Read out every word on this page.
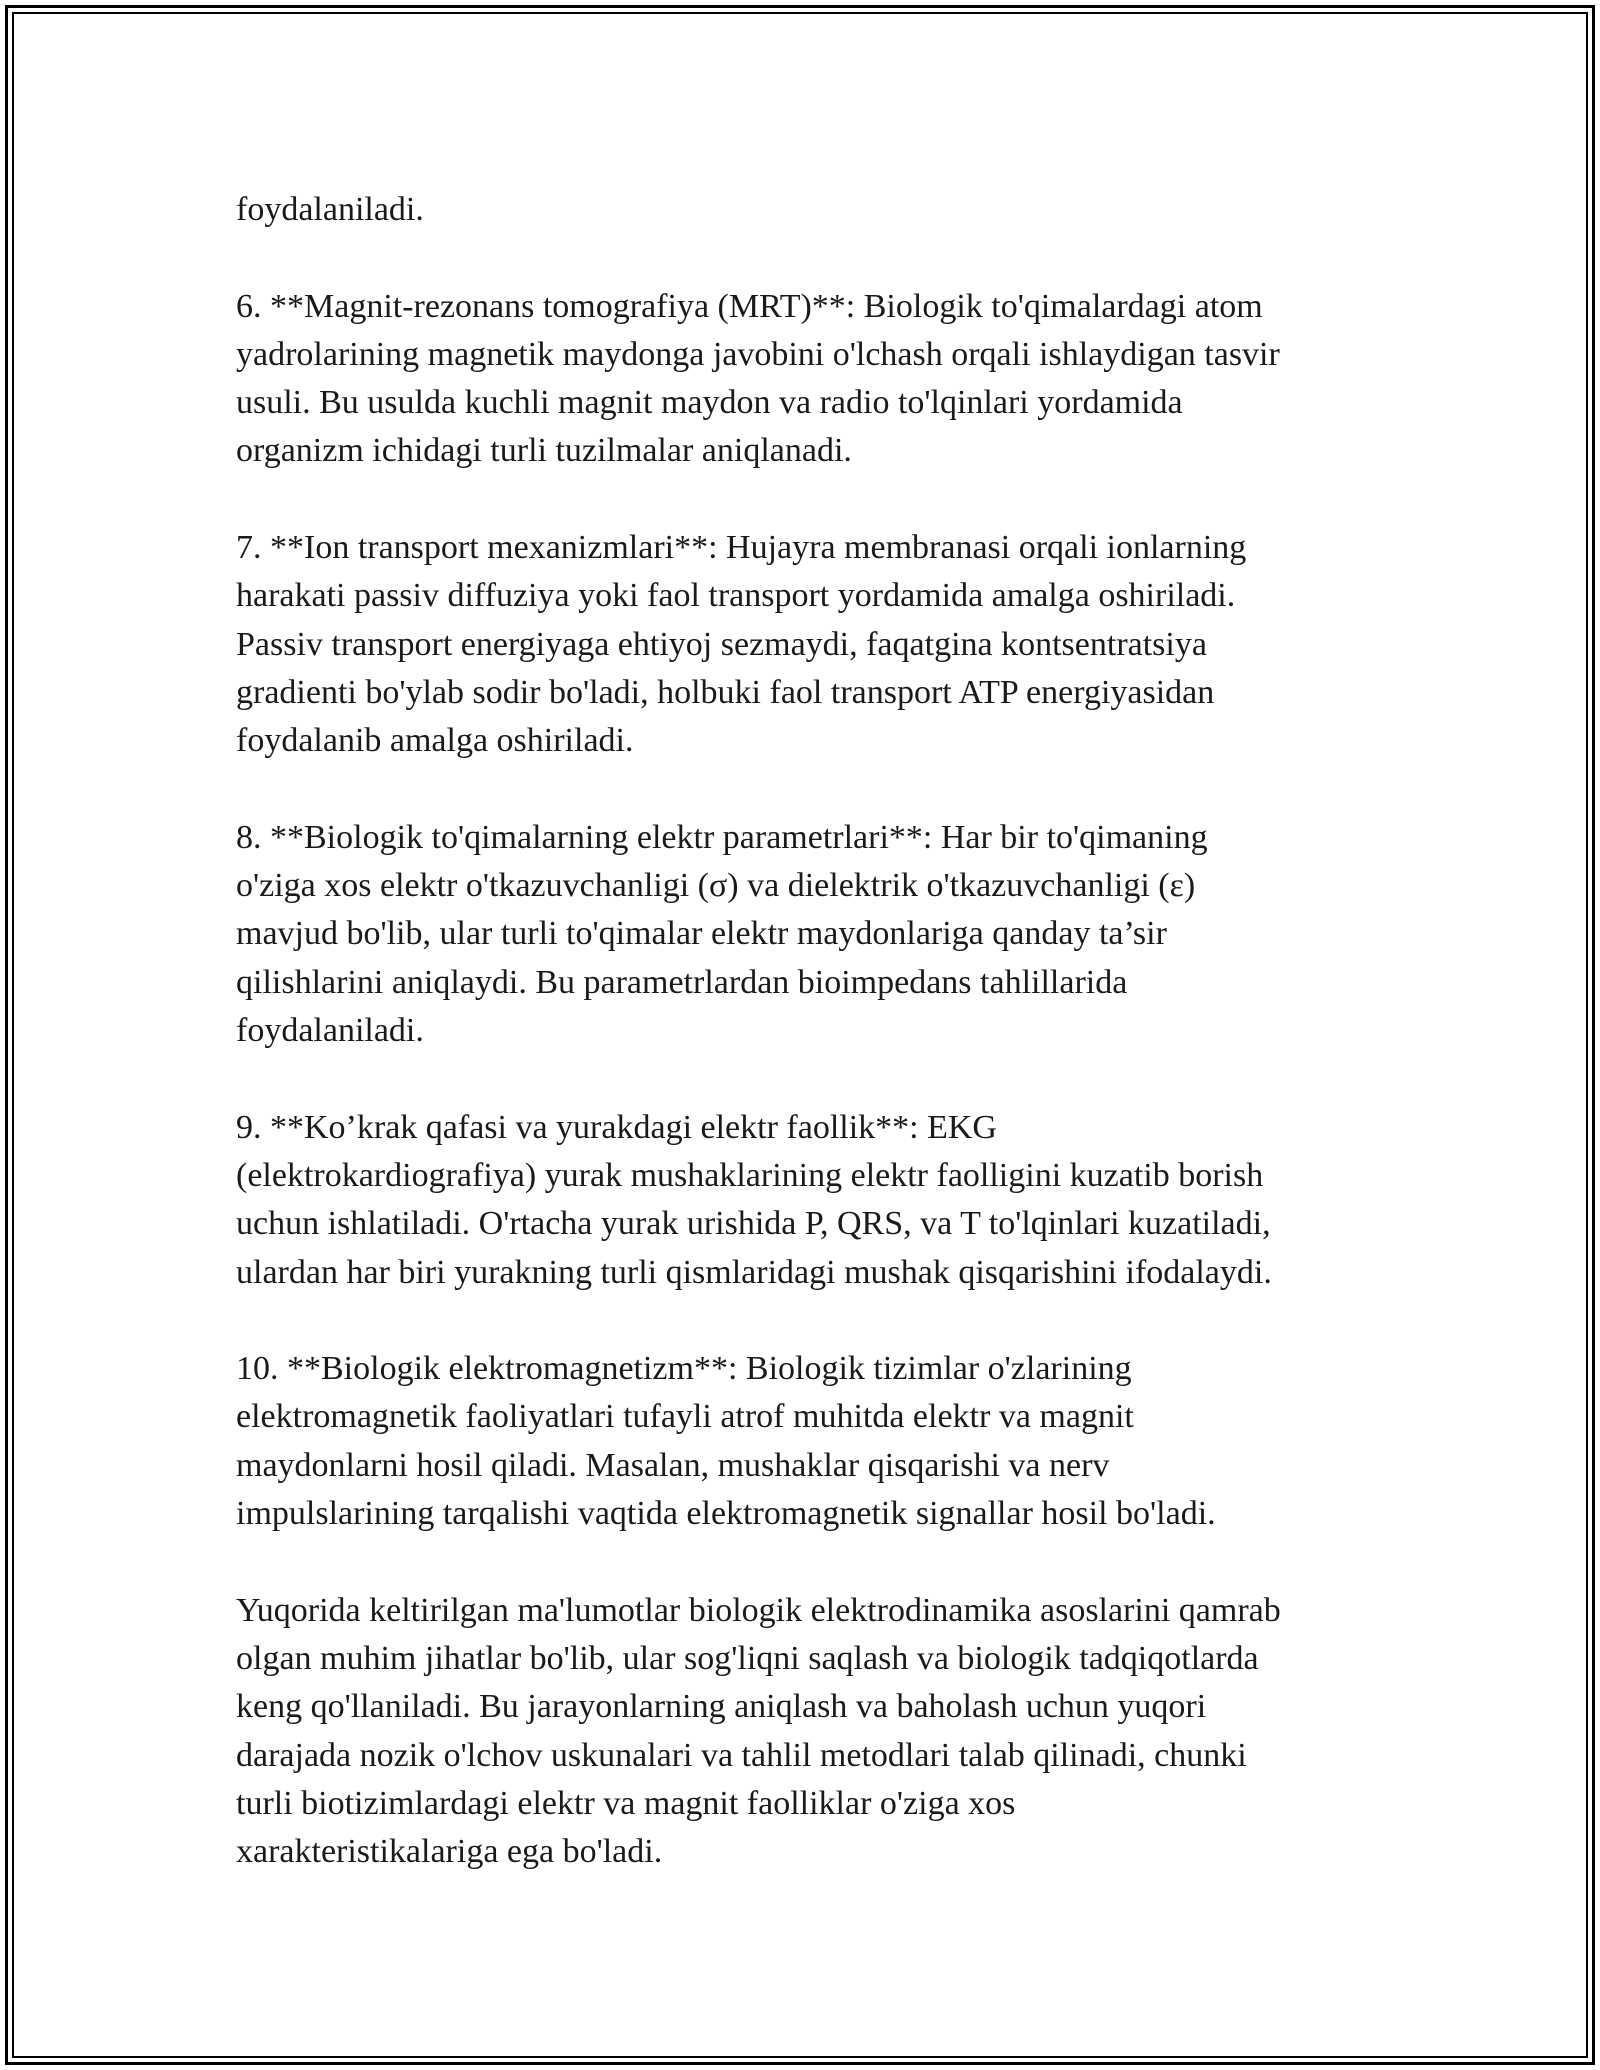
foydalaniladi.

6. **Magnit-rezonans tomografiya (MRT)**: Biologik to'qimalardagi atom
yadrolarining magnetik maydonga javobini o'lchash orqali ishlaydigan tasvir
usuli. Bu usulda kuchli magnit maydon va radio to'lqinlari yordamida
organizm ichidagi turli tuzilmalar aniqlanadi.

7. **Ion transport mexanizmlari**: Hujayra membranasi orqali ionlarning
harakati passiv diffuziya yoki faol transport yordamida amalga oshiriladi.
Passiv transport energiyaga ehtiyoj sezmaydi, faqatgina kontsentratsiya
gradienti bo'ylab sodir bo'ladi, holbuki faol transport ATP energiyasidan
foydalanib amalga oshiriladi.

8. **Biologik to'qimalarning elektr parametrlari**: Har bir to'qimaning
o'ziga xos elektr o'tkazuvchanligi (σ) va dielektrik o'tkazuvchanligi (ε)
mavjud bo'lib, ular turli to'qimalar elektr maydonlariga qanday ta’sir
qilishlarini aniqlaydi. Bu parametrlardan bioimpedans tahlillarida
foydalaniladi.

9. **Ko’krak qafasi va yurakdagi elektr faollik**: EKG
(elektrokardiografiya) yurak mushaklarining elektr faolligini kuzatib borish
uchun ishlatiladi. O'rtacha yurak urishida P, QRS, va T to'lqinlari kuzatiladi,
ulardan har biri yurakning turli qismlaridagi mushak qisqarishini ifodalaydi.

10. **Biologik elektromagnetizm**: Biologik tizimlar o'zlarining
elektromagnetik faoliyatlari tufayli atrof muhitda elektr va magnit
maydonlarni hosil qiladi. Masalan, mushaklar qisqarishi va nerv
impulslarining tarqalishi vaqtida elektromagnetik signallar hosil bo'ladi.

Yuqorida keltirilgan ma'lumotlar biologik elektrodinamika asoslarini qamrab
olgan muhim jihatlar bo'lib, ular sog'liqni saqlash va biologik tadqiqotlarda
keng qo'llaniladi. Bu jarayonlarning aniqlash va baholash uchun yuqori
darajada nozik o'lchov uskunalari va tahlil metodlari talab qilinadi, chunki
turli biotizimlardagi elektr va magnit faolliklar o'ziga xos
xarakteristikalariga ega bo'ladi.
